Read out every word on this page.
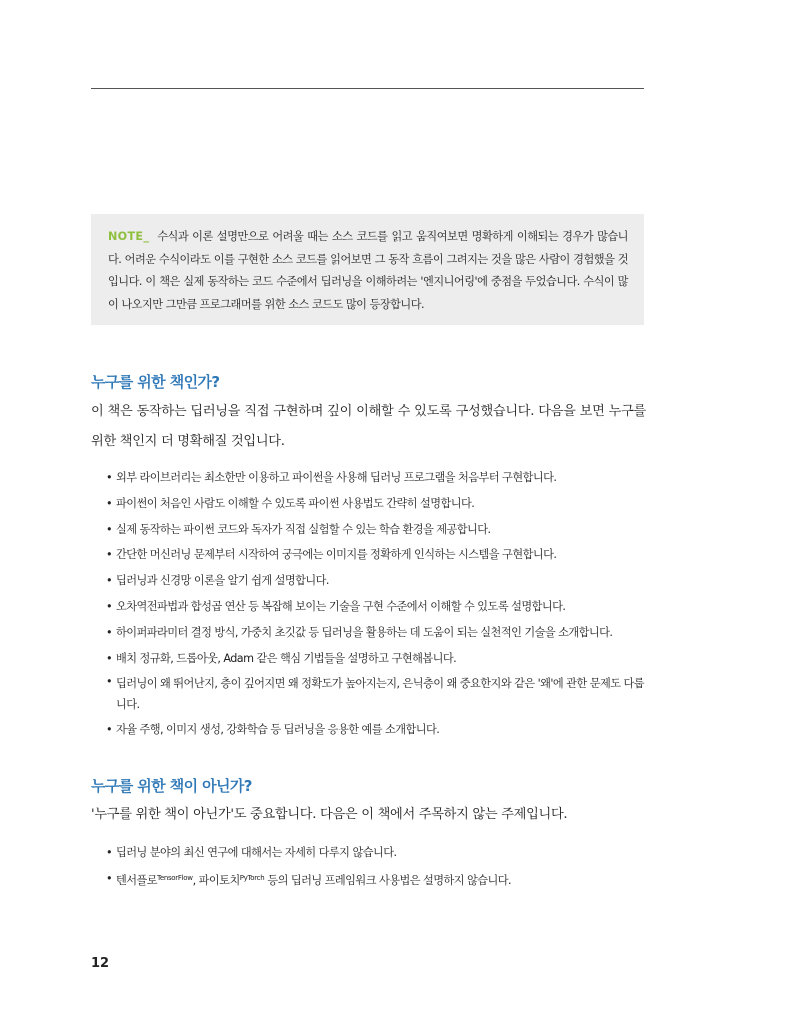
NOTE_ 수식과 이론 설명만으로 어려울 때는 소스 코드를 읽고 움직여보면 명확하게 이해되는 경우가 많습니다. 어려운 수식이라도 이를 구현한 소스 코드를 읽어보면 그 동작 흐름이 그려지는 것을 많은 사람이 경험했을 것입니다. 이 책은 실제 동작하는 코드 수준에서 딥러닝을 이해하려는 '엔지니어링'에 중점을 두었습니다. 수식이 많이 나오지만 그만큼 프로그래머를 위한 소스 코드도 많이 등장합니다.
누구를 위한 책인가?

이 책은 동작하는 딥러닝을 직접 구현하며 깊이 이해할 수 있도록 구성했습니다. 다음을 보면 누구를 위한 책인지 더 명확해질 것입니다.

• 외부 라이브러리는 최소한만 이용하고 파이썬을 사용해 딥러닝 프로그램을 처음부터 구현합니다.
• 파이썬이 처음인 사람도 이해할 수 있도록 파이썬 사용법도 간략히 설명합니다.
• 실제 동작하는 파이썬 코드와 독자가 직접 실험할 수 있는 학습 환경을 제공합니다.
• 간단한 머신러닝 문제부터 시작하여 궁극에는 이미지를 정확하게 인식하는 시스템을 구현합니다.
• 딥러닝과 신경망 이론을 알기 쉽게 설명합니다.
• 오차역전파법과 합성곱 연산 등 복잡해 보이는 기술을 구현 수준에서 이해할 수 있도록 설명합니다.
• 하이퍼파라미터 결정 방식, 가중치 초깃값 등 딥러닝을 활용하는 데 도움이 되는 실천적인 기술을 소개합니다.
• 배치 정규화, 드롭아웃, Adam 같은 핵심 기법들을 설명하고 구현해봅니다.
• 딥러닝이 왜 뛰어난지, 층이 깊어지면 왜 정확도가 높아지는지, 은닉층이 왜 중요한지와 같은 '왜'에 관한 문제도 다룹니다.
• 자율 주행, 이미지 생성, 강화학습 등 딥러닝을 응용한 예를 소개합니다.
누구를 위한 책이 아닌가?

'누구를 위한 책이 아닌가'도 중요합니다. 다음은 이 책에서 주목하지 않는 주제입니다.

• 딥러닝 분야의 최신 연구에 대해서는 자세히 다루지 않습니다.
• 텐서플로$^{TensorFlow}$, 파이토치$^{PyTorch}$ 등의 딥러닝 프레임워크 사용법은 설명하지 않습니다.
12
